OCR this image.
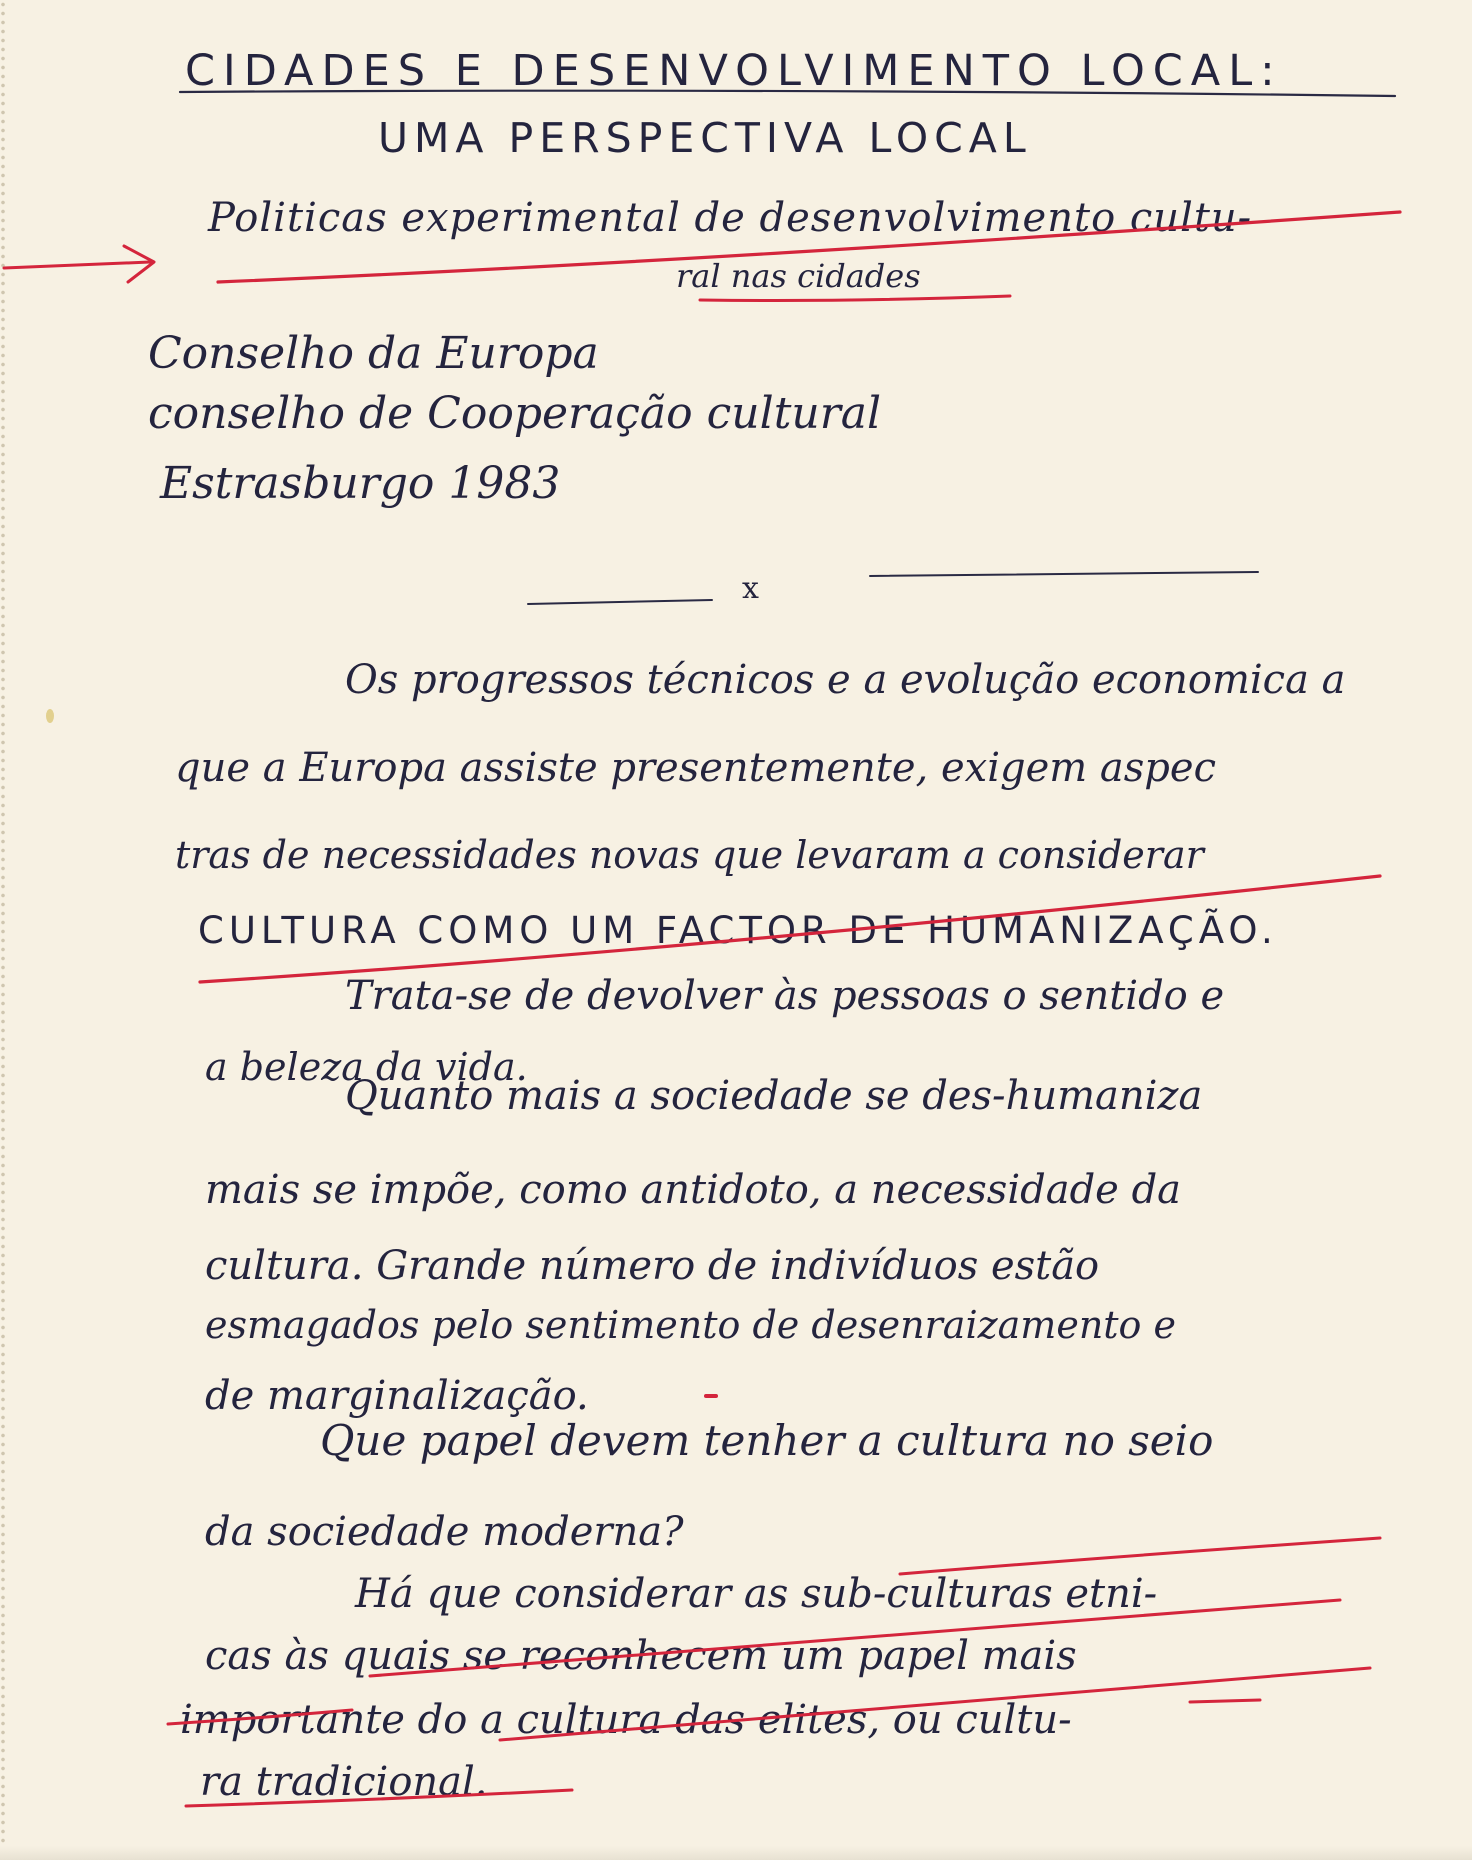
CIDADES E DESENVOLVIMENTO LOCAL:
UMA PERSPECTIVA LOCAL
Politicas experimental de desenvolvimento cultu-
ral nas cidades
Conselho da Europa
conselho de Cooperação cultural
Estrasburgo 1983
x
Os progressos técnicos e a evolução economica a
que a Europa assiste presentemente, exigem aspec
tras de necessidades novas que levaram a considerar
CULTURA COMO UM FACTOR DE HUMANIZAÇÃO.
Trata-se de devolver às pessoas o sentido e
a beleza da vida.
Quanto mais a sociedade se des-humaniza
mais se impõe, como antidoto, a necessidade da
cultura. Grande número de indivíduos estão
esmagados pelo sentimento de desenraizamento e
de marginalização.
Que papel devem tenher a cultura no seio
da sociedade moderna?
Há que considerar as sub-culturas etni-
cas às quais se reconhecem um papel mais
importante do a cultura das elites, ou cultu-
ra tradicional.
